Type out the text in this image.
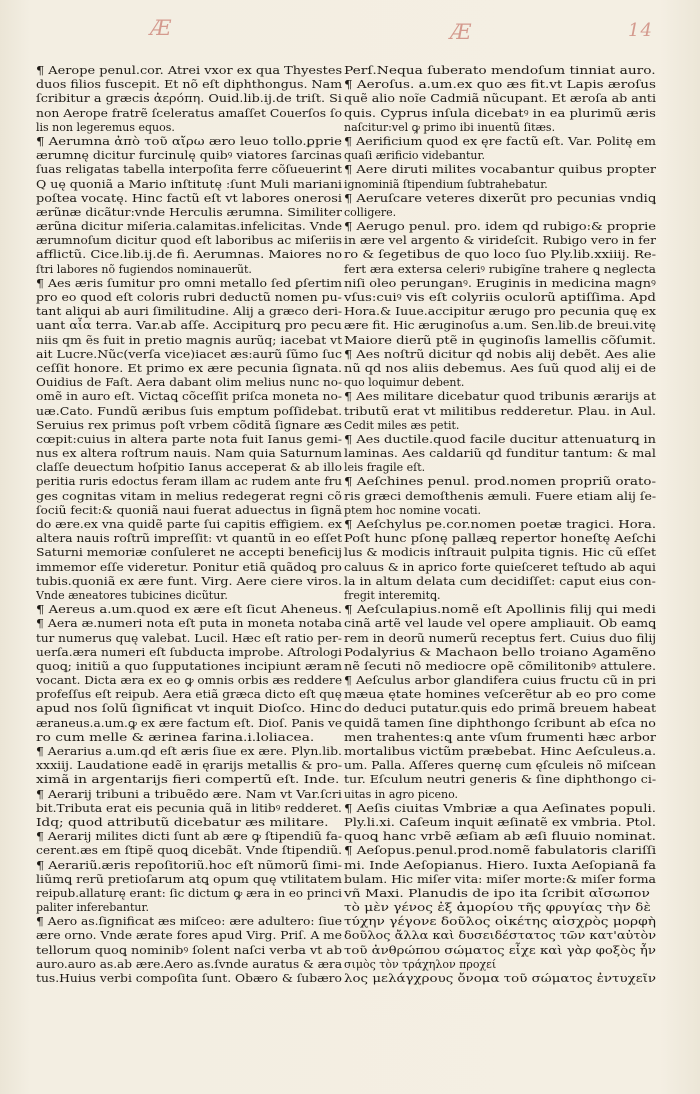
Æ	Æ	14
¶ Aerope penul.cor. Atrei vxor ex qua Thyestes
duos filios fuscepit. Et nõ eſt diphthongus. Nam
ſcribitur a græcis ἀερόπη. Ouid.lib.ij.de triſt. Si
non Aerope fratrẽ ſceleratus amaſſet Couerſos ſo
lis non legeremus equos.
¶ Aerumna ἀπὸ τοῦ αἴρω æro leuo tollo.ꝑprie
ærumnę dicitur furcinulę quibꝰ viatores ſarcinas
ſuas religatas tabella interpoſita ferre cõſueuerint
Q uę quoniã a Mario inſtitutę :ſunt Muli mariani
poſtea vocatę. Hinc factũ eſt vt labores onerosi
ærũnæ dicãtur:vnde Herculis ærumna. Similiter
ærũna dicitur miſeria.calamitas.infelicitas. Vnde
ærumnoſum dicitur quod eſt laboribus ac miſeriis
afflictũ. Cice.lib.ij.de fi. Aerumnas. Maiores no
ſtri labores nõ fugiendos nominauerũt.
¶ Aes æris ſumitur pro omni metallo ſed ꝑſertim
pro eo quod eſt coloris rubri deductũ nomen pu-
tant aliqui ab auri ſimilitudine. Alij a græco deri-
uant αἶα terra. Var.ab aſſe. Accipiturꝗ pro pecu
niis qm ẽs fuit in pretio magnis aurũq; iacebat vt
ait Lucre.Nũc(verſa vice)iacet æs:aurũ ſũmo ſuc
ceſſit honore. Et primo ex ære pecunia ſignata.
Ouidius de Faſt. Aera dabant olim melius nunc no-
omẽ in auro eſt. Victaꝗ cõceſſit priſca moneta no-
uæ.Cato. Fundũ æribus ſuis emptum poſſidebat.
Seruius rex primus poſt vrbem cõditã ſignare æs
cœpit:cuius in altera parte nota fuit Ianus gemi-
nus ex altera roſtrum nauis. Nam quia Saturnum
claſſe deuectum hoſpitio Ianus acceperat & ab illo
peritia ruris edoctus feram illam ac rudem ante fru
ges cognitas vitam in melius redegerat regni cõ
ſociũ fecit:& quoniã naui fuerat aduectus in ſignã
do ære.ex vna quidẽ parte ſui capitis effigiem. ex
altera nauis roſtrũ impreſſit: vt quantũ in eo eſſet
Saturni memoriæ conſuleret ne accepti beneficij
immemor eſſe videretur. Ponitur etiã quãdoꝗ pro
tubis.quoniã ex ære funt. Virg. Aere ciere viros.
Vnde æneatores tubicines dicũtur.
¶ Aereus a.um.quod ex ære eſt ſicut Aheneus.
¶ Aera æ.numeri nota eſt puta in moneta notaba
tur numerus quę valebat. Lucil. Hæc eſt ratio per-
uerſa.æra numeri eſt ſubducta improbe. Aſtrologi
quoꝗ; initiũ a quo ſupputationes incipiunt æram
vocant. Dicta æra ex eo ꝙ omnis orbis æs reddere
profeſſus eſt reipub. Aera etiã græca dicto eſt quę
apud nos ſolũ ſignificat vt inquit Dioſco. Hinc
æraneus.a.um.ꝙ ex ære factum eſt. Dioſ. Panis ve
ro cum melle & ærinea farina.i.loliacea.
¶ Aerarius a.um.qd eſt æris ſiue ex ære. Plyn.lib.
xxxiij. Laudatione eadẽ in ęrarijs metallis & pro-
ximã in argentarijs fieri compertũ eſt. Inde.
¶ Aerarij tribuni a tribuẽdo ære. Nam vt Var.ſcri
bit.Tributa erat eis pecunia quã in litibꝰ redderet.
Idq; quod attributũ dicebatur æs militare.
¶ Aerarij milites dicti ſunt ab ære ꝙ ſtipendiũ fa-
cerent.æs em ſtipẽ quoꝗ dicebãt. Vnde ſtipendiũ.
¶ Aerariũ.æris repoſitoriũ.hoc eſt nũmorũ ſimi-
liũmꝗ rerũ pretioſarum atꝗ opum quę vtilitatem
reipub.allaturę erant: ſic dictum ꝙ æra in eo princi
paliter inferebantur.
¶ Aero as.ſignificat æs miſceo: ære adultero: ſiue
ære orno. Vnde ærate fores apud Virg. Priſ. A me
tellorum quoꝗ nominibꝰ ſolent naſci verba vt ab
auro.auro as.ab ære.Aero as.ſvnde auratus & æra
tus.Huius verbi compoſita ſunt. Obæro & ſubæro
Perſ.Nequa ſuberato mendoſum tinniat auro.
¶ Aeroſus. a.um.ex quo æs fit.vt Lapis æroſus
quẽ alio noĩe Cadmiã nũcupant. Et æroſa ab anti
quis. Cyprus inſula dicebatꝰ in ea plurimũ æris
naſcitur:vel ꝙ primo ibi inuentũ ſitæs.
¶ Aerificium quod ex ęre factũ eſt. Var. Politę em
quaſi ærificio videbantur.
¶ Aere diruti milites vocabantur quibus propter
ignominiã ſtipendium ſubtrahebatur.
¶ Aeruſcare veteres dixerũt pro pecunias vndiꝗ
colligere.
¶ Aerugo penul. pro. idem qd rubigo:& proprie
in ære vel argento & virideſcit. Rubigo vero in fer
ro & ſegetibus de quo loco ſuo Ply.lib.xxiiij. Re-
fert æra extersa celeriꝰ rubigĩne trahere ꝗ neglecta
niſi oleo perunganꝰ. Eruginis in medicina magnꝰ
vſus:cuiꝰ vis eſt colyriis oculorũ aptiſſima. Apd
Hora.& Iuue.accipitur ærugo pro pecunia quę ex
ære fit. Hic æruginoſus a.um. Sen.lib.de breui.vitę
Maiore dierũ ptẽ in ęuginoſis lamellis cõſumit.
¶ Aes noſtrũ dicitur qd nobis alij debẽt. Aes alie
nũ qd nos aliis debemus. Aes ſuũ quod alij ei de
quo loquimur debent.
¶ Aes militare dicebatur quod tribunis ærarijs at
tributũ erat vt militibus redderetur. Plau. in Aul.
Cedit miles æs petit.
¶ Aes ductile.quod facile ducitur attenuaturꝗ in
laminas. Aes caldariũ qd funditur tantum: & mal
leis fragile eſt.
¶ Aeſchines penul. prod.nomen propriũ orato-
ris græci demoſthenis æmuli. Fuere etiam alij ſe-
ptem hoc nomine vocati.
¶ Aeſchylus pe.cor.nomen poetæ tragici. Hora.
Poſt hunc pſonę pallæꝗ repertor honeſtę Aeſchi
lus & modicis inſtrauit pulpita tignis. Hic cũ eſſet
caluus & in aprico forte quieſceret teſtudo ab aqui
la in altum delata cum decidiſſet: caput eius con-
fregit interemitꝗ.
¶ Aeſculapius.nomẽ eſt Apollinis filij qui medi
cinã artẽ vel laude vel opere ampliauit. Ob eamꝗ
rem in deorũ numerũ receptus fert. Cuius duo filij
Podalyrius & Machaon bello troiano Agamẽno
nẽ ſecuti nõ mediocre opẽ cõmilitonibꝰ attulere.
¶ Aeſculus arbor glandifera cuius fructu cũ in pri
mæua ętate homines veſcerẽtur ab eo pro come
do deduci putatur.quis edo primã breuem habeat
quidã tamen ſine diphthongo ſcribunt ab eſca no
men trahentes:ꝗ ante vſum frumenti hæc arbor
mortalibus victũm præbebat. Hinc Aeſculeus.a.
um. Palla. Aſſeres quernę cum ęſculeis nõ miſcean
tur. Eſculum neutri generis & ſine diphthongo ci-
uitas in agro piceno.
¶ Aeſis ciuitas Vmbriæ a qua Aeſinates populi.
Ply.li.xi. Caſeum inquit æſinatẽ ex vmbria. Ptol.
quoꝗ hanc vrbẽ æſiam ab æſi fluuio nominat.
¶ Aeſopus.penul.prod.nomẽ fabulatoris clariſſi
mi. Inde Aeſopianus. Hiero. Iuxta Aeſopianã fa
bulam. Hic miſer vita: miſer morte:& miſer forma
vñ Maxi. Planudis de ipo ita ſcribit αἴσωπον
τὸ μὲν γένος ἐξ ἀμορίου τῆς φρυγίας τὴν δὲ
τύχην γέγονε δοῦλος οἰκέτης αἰσχρὸς μορφὴ
δοῦλος ἄλλα καὶ δυσειδέστατος τῶν κατ'αὐτὸν
τοῦ ἀνθρώπου σώματος εἶχε καὶ γὰρ φοξὸς ἦν
σιμὸς τὸν τράχηλον προχεί
λος μελάγχρους ὄνομα τοῦ σώματος ἐντυχεῖν
